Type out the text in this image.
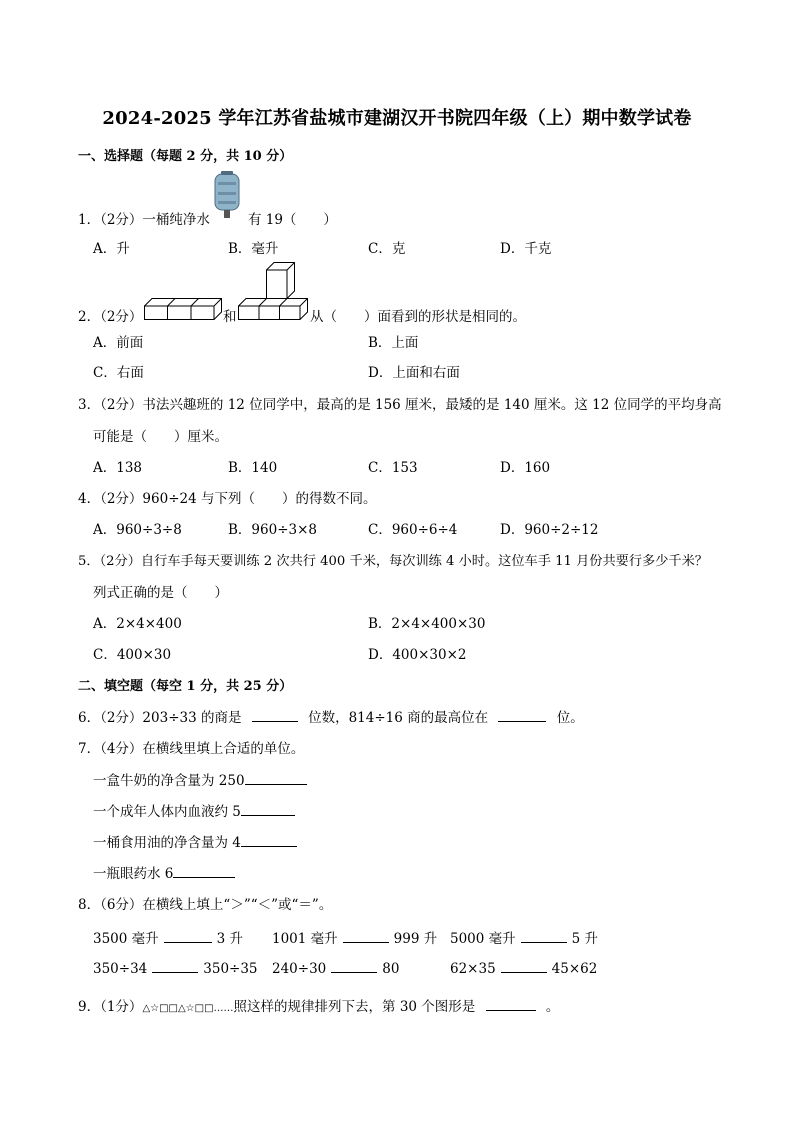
2024-2025 学年江苏省盐城市建湖汉开书院四年级（上）期中数学试卷
一、选择题（每题 2 分，共 10 分）
1．（2分）一桶纯净水	有 19（　　）
A．升	B．毫升	C．克	D．千克
2．（2分）	和	从（　　）面看到的形状是相同的。
A．前面	B．上面
C．右面	D．上面和右面
3．（2分）书法兴趣班的 12 位同学中，最高的是 156 厘米，最矮的是 140 厘米。这 12 位同学的平均身高
可能是（　　）厘米。
A．138	B．140	C．153	D．160
4．（2分）960÷24 与下列（　　）的得数不同。
A．960÷3÷8	B．960÷3×8	C．960÷6÷4	D．960÷2÷12
5．（2分）自行车手每天要训练 2 次共行 400 千米，每次训练 4 小时。这位车手 11 月份共要行多少千米？
列式正确的是（　　）
A．2×4×400	B．2×4×400×30
C．400×30	D．400×30×2
二、填空题（每空 1 分，共 25 分）
6．（2分）203÷33 的商是	位数，814÷16 商的最高位在	位。
7．（4分）在横线里填上合适的单位。
一盒牛奶的净含量为 250
一个成年人体内血液约 5
一桶食用油的净含量为 4
一瓶眼药水 6
8．（6分）在横线上填上“＞”“＜”或“＝”。
3500 毫升	3 升 1001 毫升	999 升 5000 毫升	5 升
350÷34	350÷35 240÷30	80	62×35	45×62
9．（1分）△☆□□△☆□□……照这样的规律排列下去，第 30 个图形是	。
